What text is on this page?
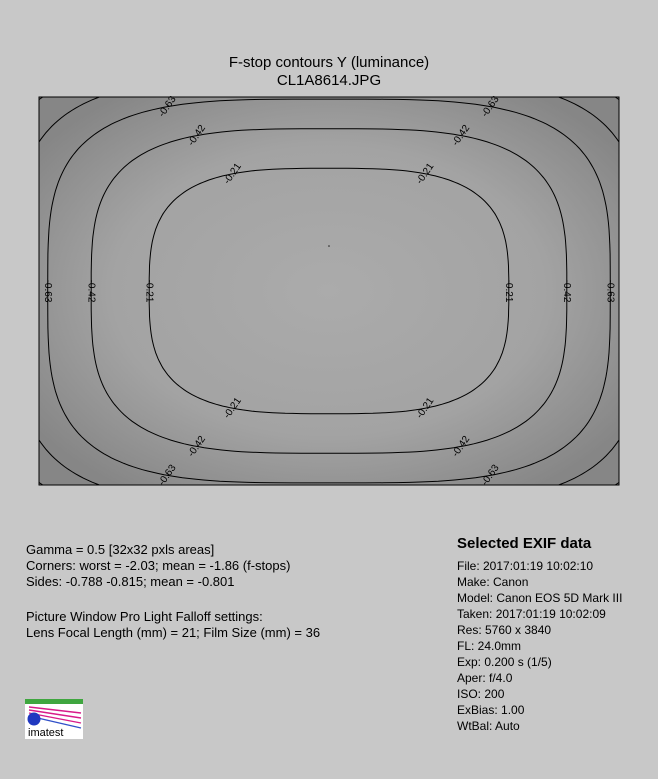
F-stop contours Y (luminance)
CL1A8614.JPG
-0.21	-0.21
-0.21	-0.21
-0.21	-0.21
-0.42	-0.42
-0.42	-0.42
-0.42	-0.42
-0.63	-0.63
-0.63	-0.63
-0.63	-0.63
Gamma = 0.5 [32x32 pxls areas]
Corners: worst = -2.03; mean = -1.86 (f-stops)
Sides: -0.788 -0.815; mean = -0.801
Picture Window Pro Light Falloff settings:
Lens Focal Length (mm) = 21; Film Size (mm) = 36
Selected EXIF data
File: 2017:01:19 10:02:10
Make: Canon
Model: Canon EOS 5D Mark III
Taken: 2017:01:19 10:02:09
Res: 5760 x 3840
FL: 24.0mm
Exp: 0.200 s (1/5)
Aper: f/4.0
ISO: 200
ExBias: 1.00
WtBal: Auto
imatest
